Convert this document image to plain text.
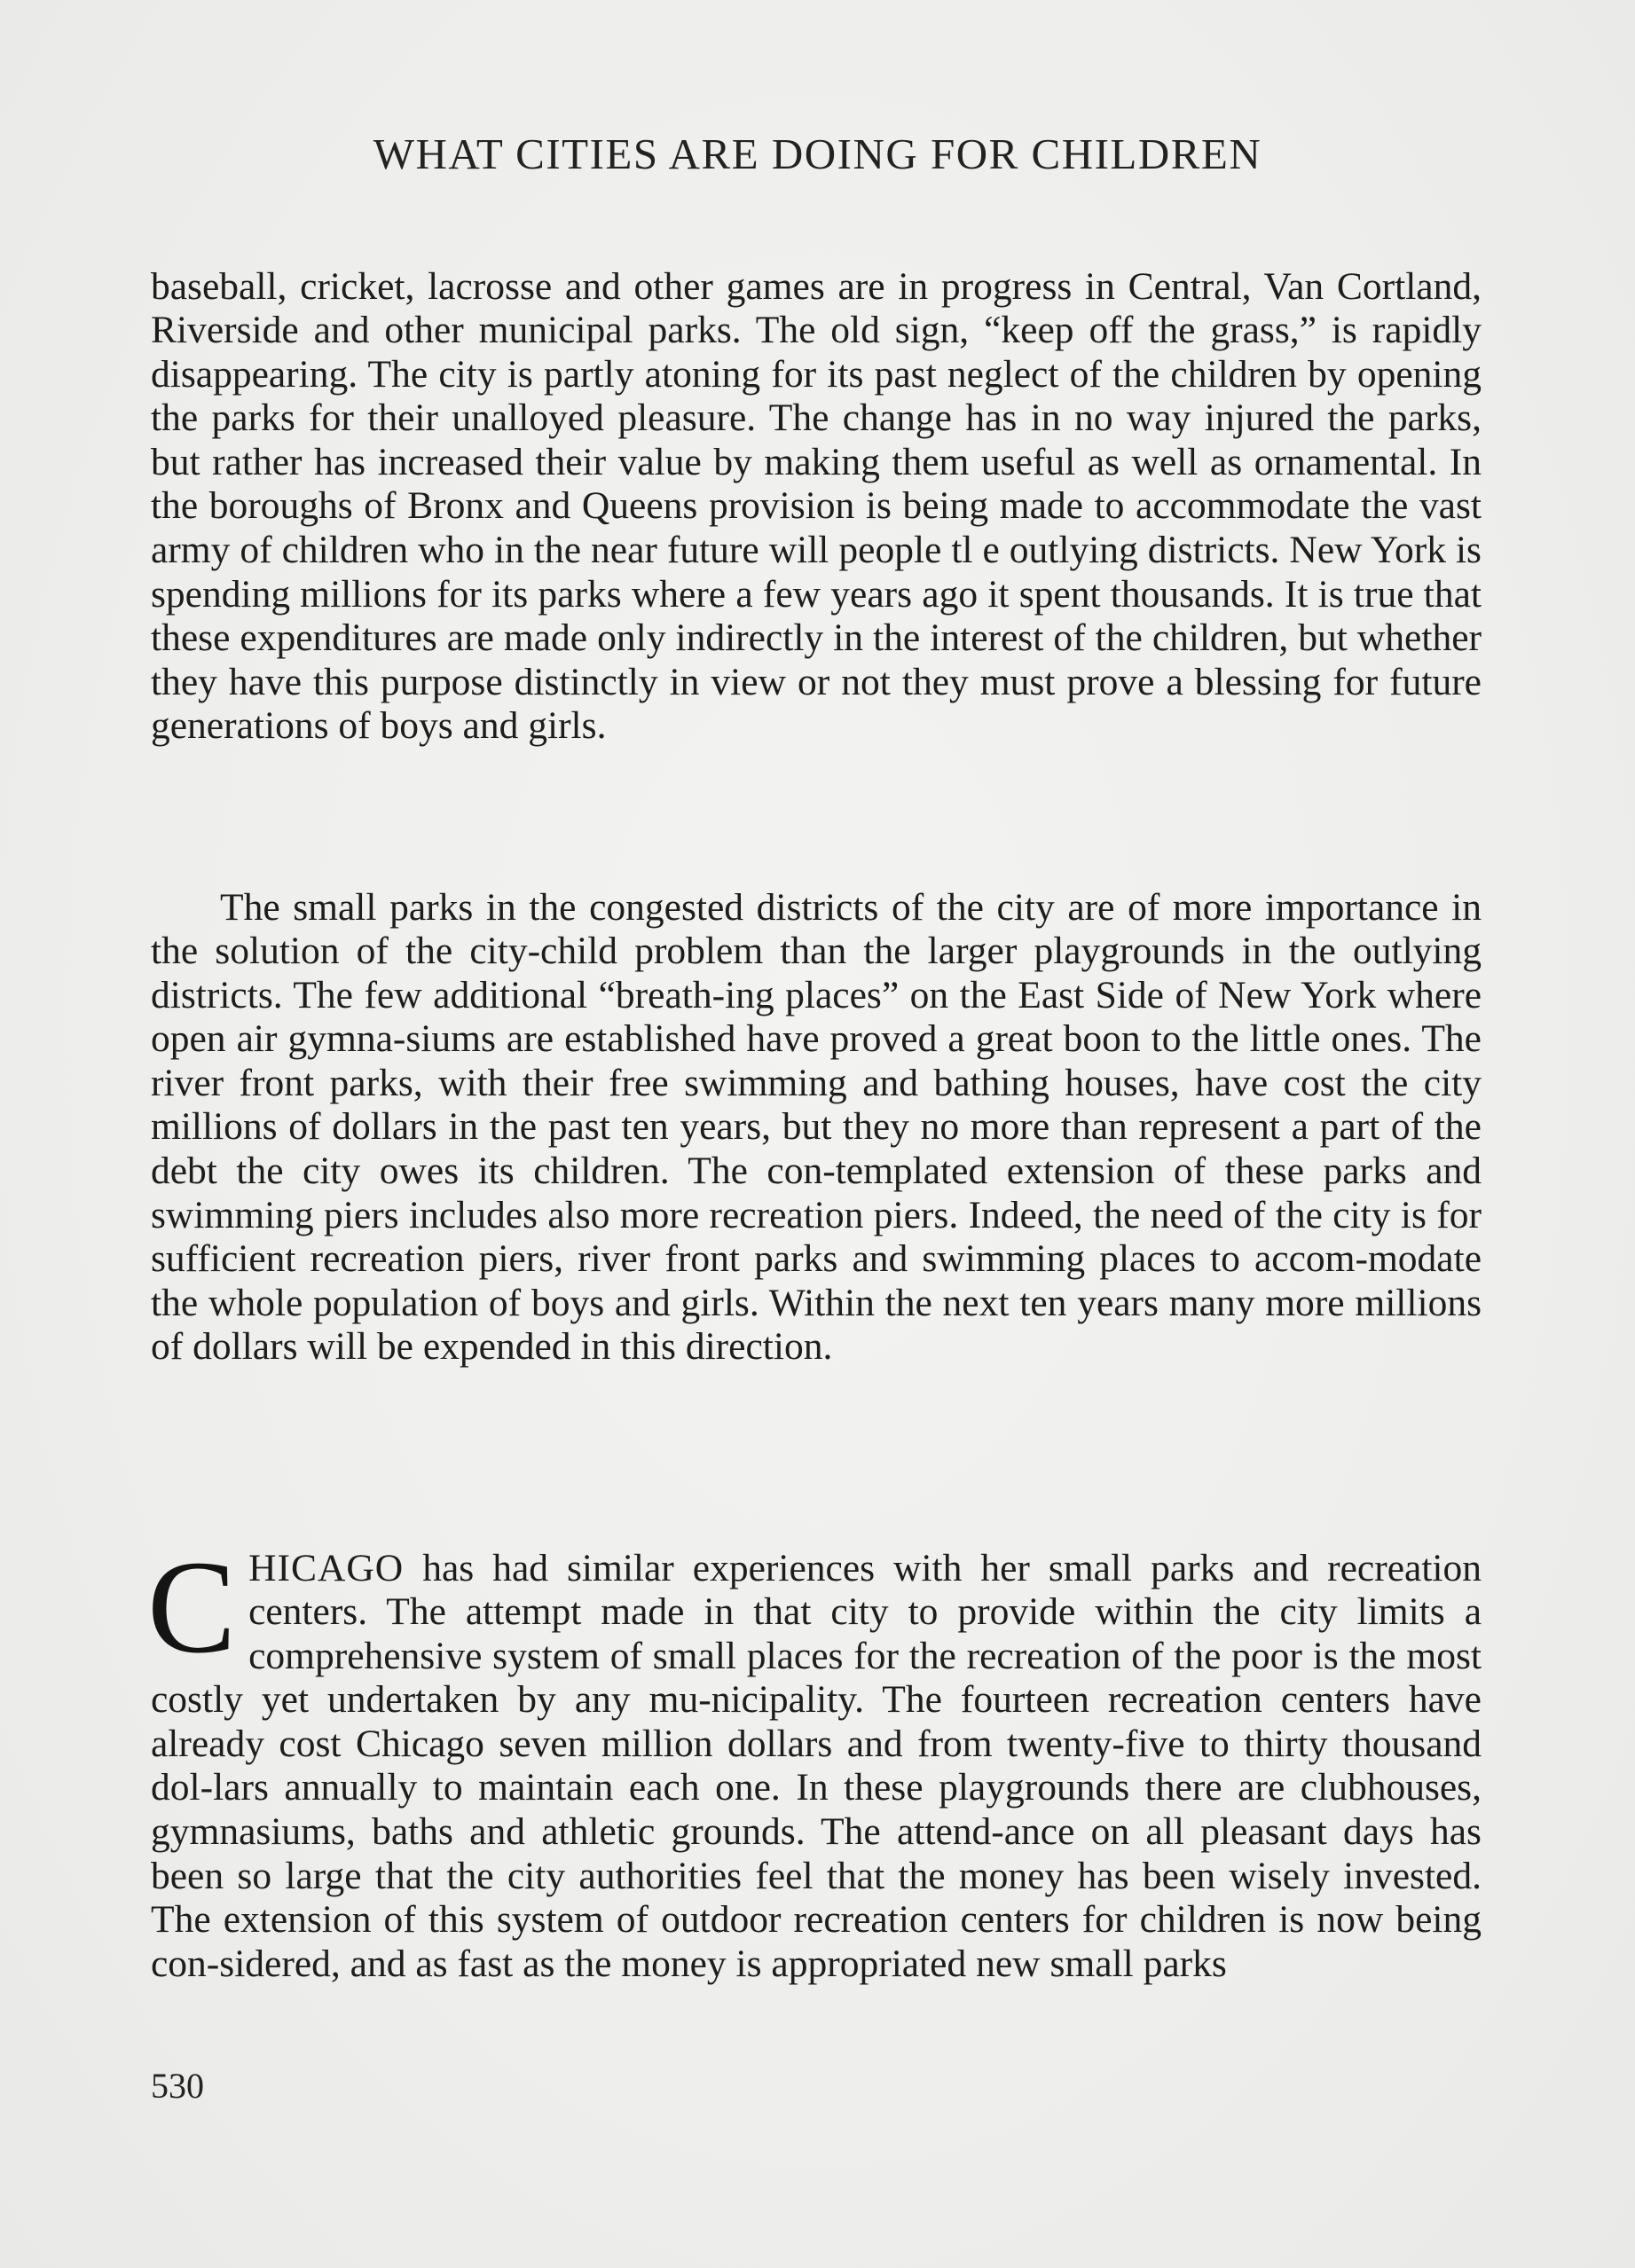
WHAT CITIES ARE DOING FOR CHILDREN

baseball, cricket, lacrosse and other games are in progress in Central, Van Cortland, Riverside and other municipal parks. The old sign, “keep off the grass,” is rapidly disappearing. The city is partly atoning for its past neglect of the children by opening the parks for their unalloyed pleasure. The change has in no way injured the parks, but rather has increased their value by making them useful as well as ornamental. In the boroughs of Bronx and Queens provision is being made to accommodate the vast army of children who in the near future will people tl e outlying districts. New York is spending millions for its parks where a few years ago it spent thousands. It is true that these expenditures are made only indirectly in the interest of the children, but whether they have this purpose distinctly in view or not they must prove a blessing for future generations of boys and girls.

The small parks in the congested districts of the city are of more importance in the solution of the city-child problem than the larger playgrounds in the outlying districts. The few additional “breath-ing places” on the East Side of New York where open air gymna-siums are established have proved a great boon to the little ones. The river front parks, with their free swimming and bathing houses, have cost the city millions of dollars in the past ten years, but they no more than represent a part of the debt the city owes its children. The con-templated extension of these parks and swimming piers includes also more recreation piers. Indeed, the need of the city is for sufficient recreation piers, river front parks and swimming places to accom-modate the whole population of boys and girls. Within the next ten years many more millions of dollars will be expended in this direction.

CHICAGO has had similar experiences with her small parks and recreation centers. The attempt made in that city to provide within the city limits a comprehensive system of small places for the recreation of the poor is the most costly yet undertaken by any mu-nicipality. The fourteen recreation centers have already cost Chicago seven million dollars and from twenty-five to thirty thousand dol-lars annually to maintain each one. In these playgrounds there are clubhouses, gymnasiums, baths and athletic grounds. The attend-ance on all pleasant days has been so large that the city authorities feel that the money has been wisely invested. The extension of this system of outdoor recreation centers for children is now being con-sidered, and as fast as the money is appropriated new small parks

530
